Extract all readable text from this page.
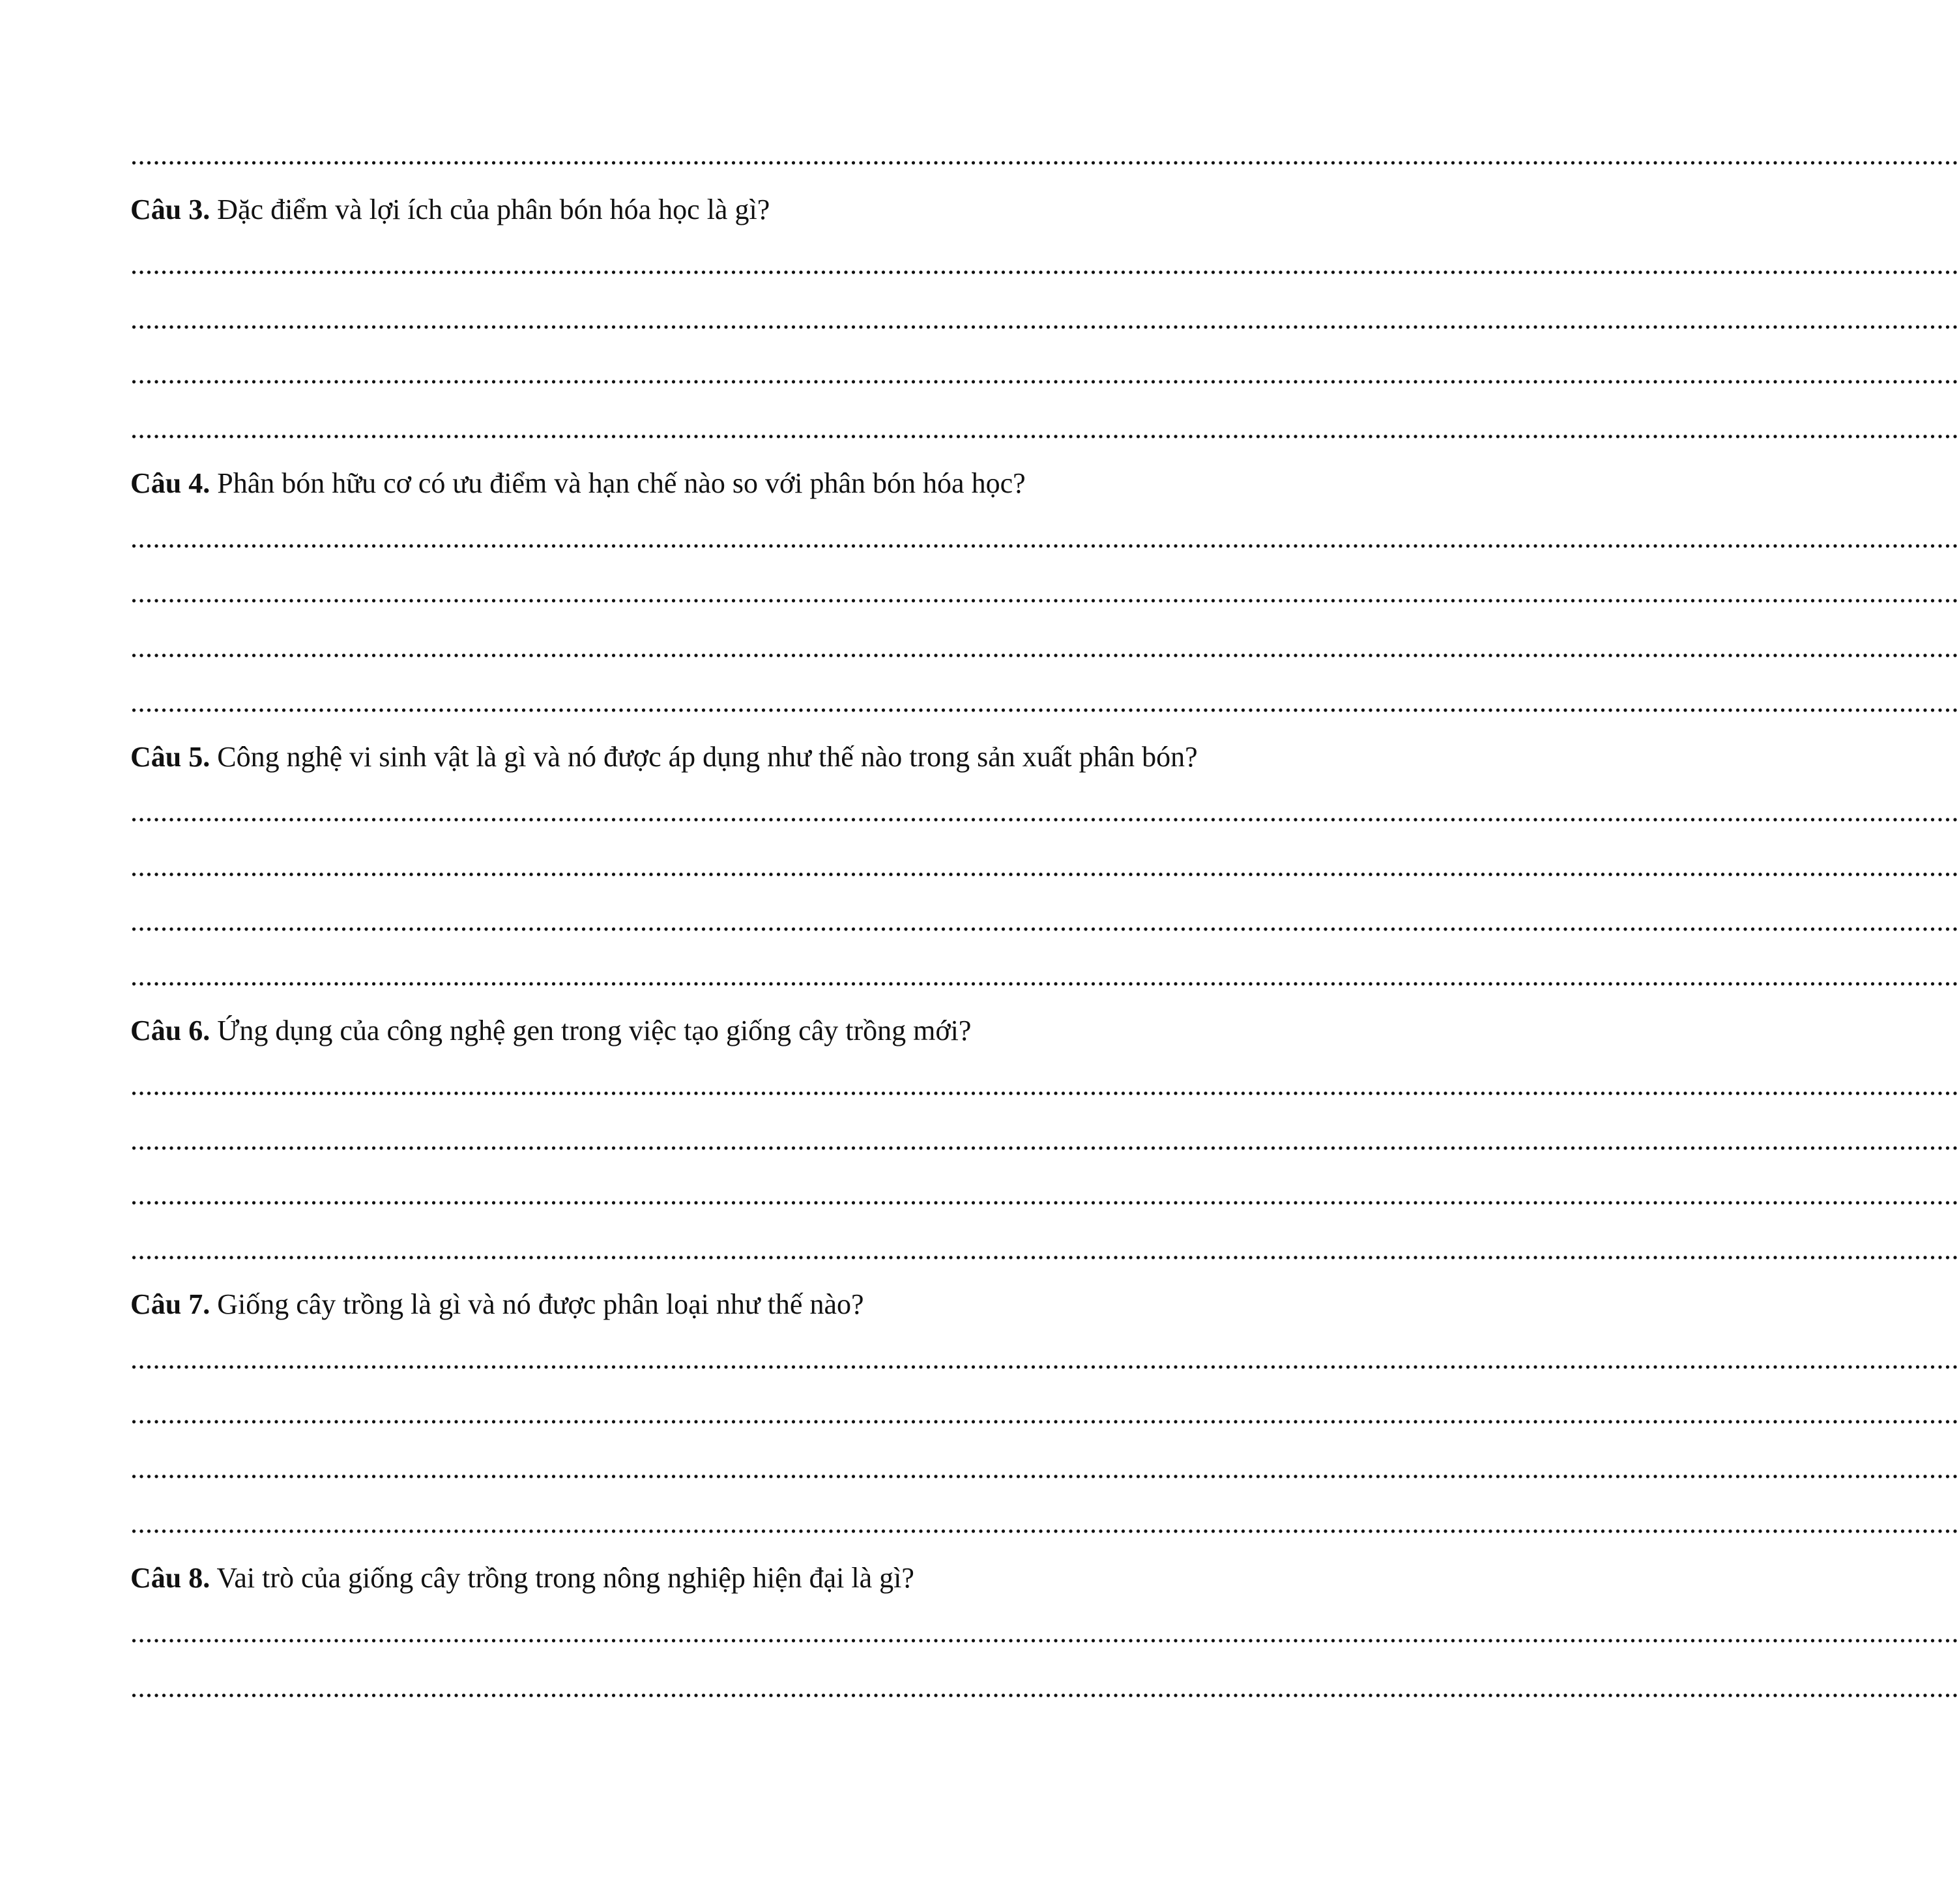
....................................................................................................................................................................................................................................................

Câu 3. Đặc điểm và lợi ích của phân bón hóa học là gì?

....................................................................................................................................................................................................................................................
....................................................................................................................................................................................................................................................
....................................................................................................................................................................................................................................................
....................................................................................................................................................................................................................................................

Câu 4. Phân bón hữu cơ có ưu điểm và hạn chế nào so với phân bón hóa học?

....................................................................................................................................................................................................................................................
....................................................................................................................................................................................................................................................
....................................................................................................................................................................................................................................................
....................................................................................................................................................................................................................................................

Câu 5. Công nghệ vi sinh vật là gì và nó được áp dụng như thế nào trong sản xuất phân bón?

....................................................................................................................................................................................................................................................
....................................................................................................................................................................................................................................................
....................................................................................................................................................................................................................................................
....................................................................................................................................................................................................................................................

Câu 6. Ứng dụng của công nghệ gen trong việc tạo giống cây trồng mới?

....................................................................................................................................................................................................................................................
....................................................................................................................................................................................................................................................
....................................................................................................................................................................................................................................................
....................................................................................................................................................................................................................................................

Câu 7. Giống cây trồng là gì và nó được phân loại như thế nào?

....................................................................................................................................................................................................................................................
....................................................................................................................................................................................................................................................
....................................................................................................................................................................................................................................................
....................................................................................................................................................................................................................................................

Câu 8. Vai trò của giống cây trồng trong nông nghiệp hiện đại là gì?

....................................................................................................................................................................................................................................................
....................................................................................................................................................................................................................................................
